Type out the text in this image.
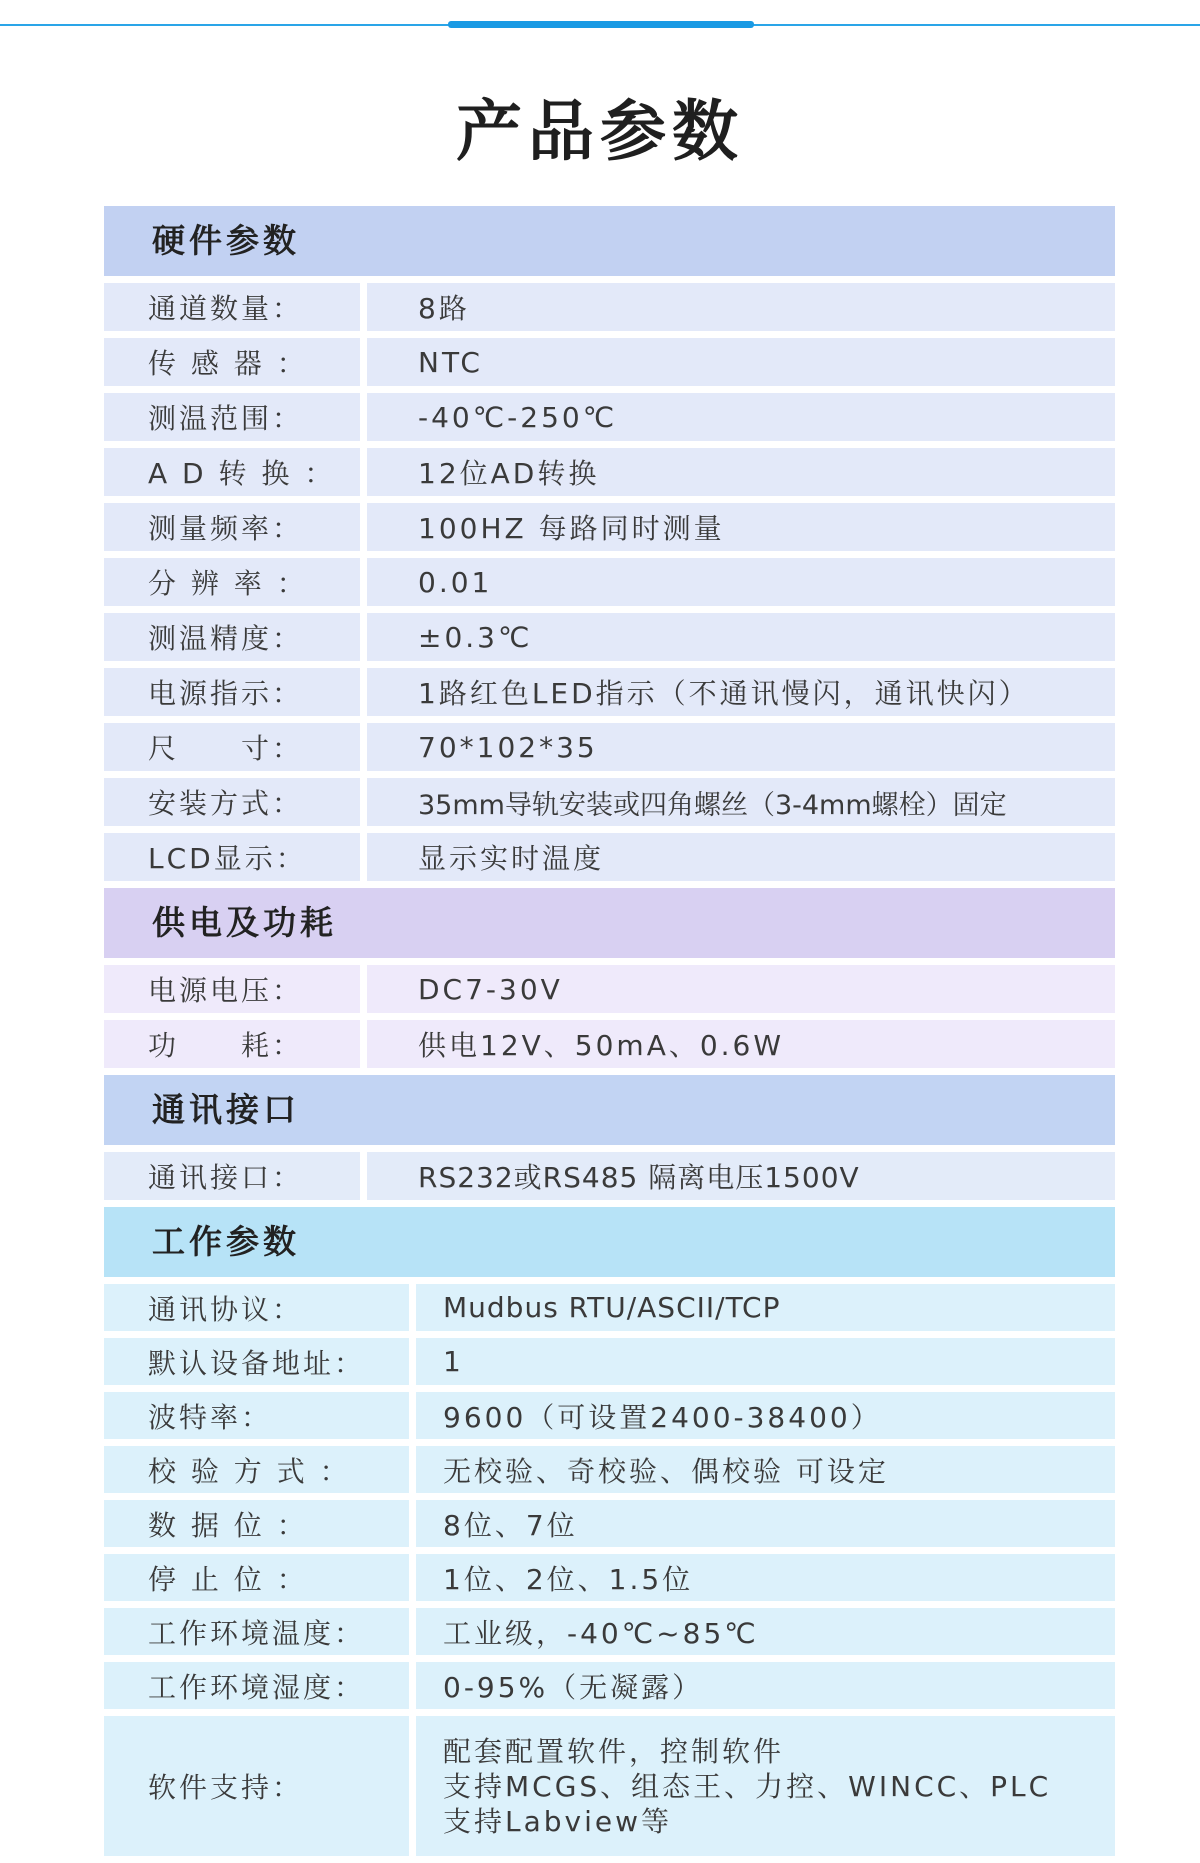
产品参数
硬件参数
通道数量：	8路
传 感 器 ：	NTC
测温范围：	-40℃-250℃
A D 转 换 ：	12位AD转换
测量频率：	100HZ 每路同时测量
分 辨 率 ：	0.01
测温精度：	±0.3℃
电源指示：	1路红色LED指示（不通讯慢闪，通讯快闪）
尺　　寸：	70*102*35
安装方式：	35mm导轨安装或四角螺丝（3-4mm螺栓）固定
LCD显示：	显示实时温度
供电及功耗
电源电压：	DC7-30V
功　　耗：	供电12V、50mA、0.6W
通讯接口
通讯接口：	RS232或RS485 隔离电压1500V
工作参数
通讯协议：	Mudbus RTU/ASCII/TCP
默认设备地址：	1
波特率：	9600（可设置2400-38400）
校 验 方 式 ：	无校验、奇校验、偶校验 可设定
数 据 位 ：	8位、7位
停 止 位 ：	1位、2位、1.5位
工作环境温度：	工业级，-40℃~85℃
工作环境湿度：	0-95%（无凝露）
软件支持：
配套配置软件，控制软件
支持MCGS、组态王、力控、WINCC、PLC
支持Labview等
